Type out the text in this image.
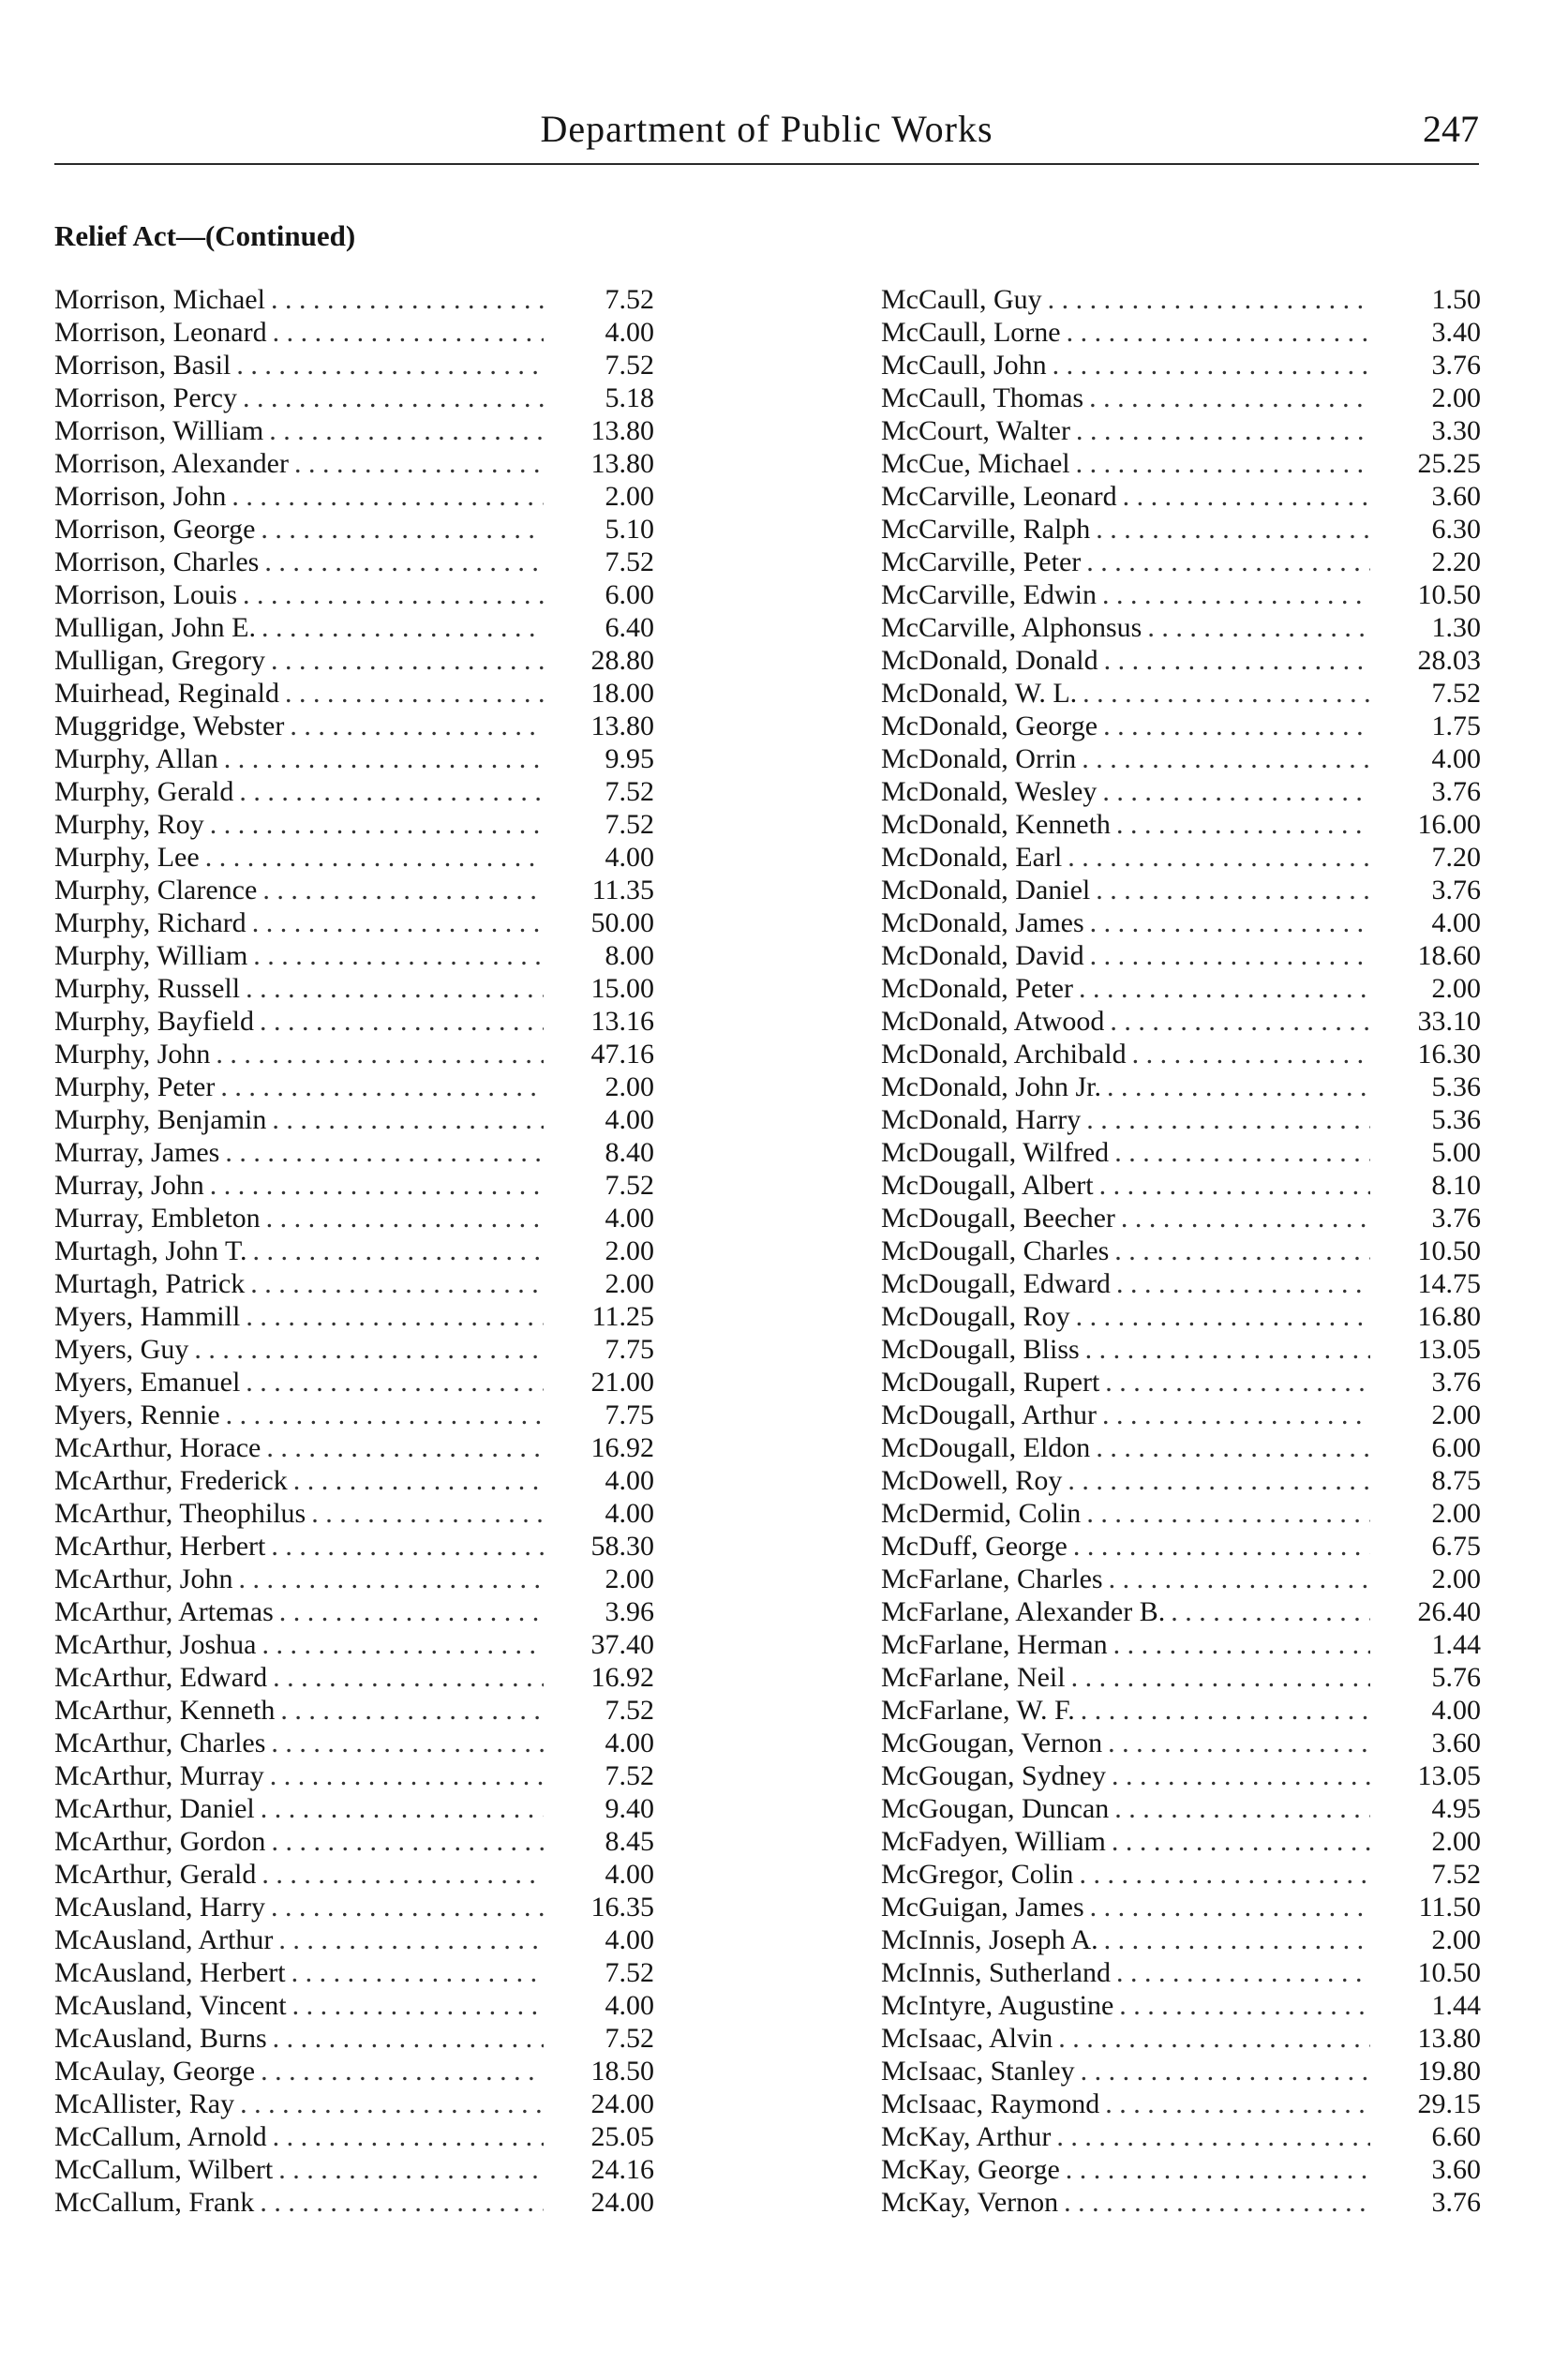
Department of Public Works	247
Relief Act—(Continued)
Morrison, Michael . . .	7.52
Morrison, Leonard . . .	4.00
Morrison, Basil . . .	7.52
Morrison, Percy . . .	5.18
Morrison, William . . .	13.80
Morrison, Alexander . . .	13.80
Morrison, John . . .	2.00
Morrison, George . . .	5.10
Morrison, Charles . . .	7.52
Morrison, Louis . . .	6.00
Mulligan, John E. . . .	6.40
Mulligan, Gregory . . .	28.80
Muirhead, Reginald . . .	18.00
Muggridge, Webster . . .	13.80
Murphy, Allan . . .	9.95
Murphy, Gerald . . .	7.52
Murphy, Roy . . .	7.52
Murphy, Lee . . .	4.00
Murphy, Clarence . . .	11.35
Murphy, Richard . . .	50.00
Murphy, William . . .	8.00
Murphy, Russell . . .	15.00
Murphy, Bayfield . . .	13.16
Murphy, John . . .	47.16
Murphy, Peter . . .	2.00
Murphy, Benjamin . . .	4.00
Murray, James . . .	8.40
Murray, John . . .	7.52
Murray, Embleton . . .	4.00
Murtagh, John T. . . .	2.00
Murtagh, Patrick . . .	2.00
Myers, Hammill . . .	11.25
Myers, Guy . . .	7.75
Myers, Emanuel . . .	21.00
Myers, Rennie . . .	7.75
McArthur, Horace . . .	16.92
McArthur, Frederick . . .	4.00
McArthur, Theophilus . . .	4.00
McArthur, Herbert . . .	58.30
McArthur, John . . .	2.00
McArthur, Artemas . . .	3.96
McArthur, Joshua . . .	37.40
McArthur, Edward . . .	16.92
McArthur, Kenneth . . .	7.52
McArthur, Charles . . .	4.00
McArthur, Murray . . .	7.52
McArthur, Daniel . . .	9.40
McArthur, Gordon . . .	8.45
McArthur, Gerald . . .	4.00
McAusland, Harry . . .	16.35
McAusland, Arthur . . .	4.00
McAusland, Herbert . . .	7.52
McAusland, Vincent . . .	4.00
McAusland, Burns . . .	7.52
McAulay, George . . .	18.50
McAllister, Ray . . .	24.00
McCallum, Arnold . . .	25.05
McCallum, Wilbert . . .	24.16
McCallum, Frank . . .	24.00
McCaull, Guy . . .	1.50
McCaull, Lorne . . .	3.40
McCaull, John . . .	3.76
McCaull, Thomas . . .	2.00
McCourt, Walter . . .	3.30
McCue, Michael . . .	25.25
McCarville, Leonard . . .	3.60
McCarville, Ralph . . .	6.30
McCarville, Peter . . .	2.20
McCarville, Edwin . . .	10.50
McCarville, Alphonsus . . .	1.30
McDonald, Donald . . .	28.03
McDonald, W. L. . . .	7.52
McDonald, George . . .	1.75
McDonald, Orrin . . .	4.00
McDonald, Wesley . . .	3.76
McDonald, Kenneth . . .	16.00
McDonald, Earl . . .	7.20
McDonald, Daniel . . .	3.76
McDonald, James . . .	4.00
McDonald, David . . .	18.60
McDonald, Peter . . .	2.00
McDonald, Atwood . . .	33.10
McDonald, Archibald . . .	16.30
McDonald, John Jr. . . .	5.36
McDonald, Harry . . .	5.36
McDougall, Wilfred . . .	5.00
McDougall, Albert . . .	8.10
McDougall, Beecher . . .	3.76
McDougall, Charles . . .	10.50
McDougall, Edward . . .	14.75
McDougall, Roy . . .	16.80
McDougall, Bliss . . .	13.05
McDougall, Rupert . . .	3.76
McDougall, Arthur . . .	2.00
McDougall, Eldon . . .	6.00
McDowell, Roy . . .	8.75
McDermid, Colin . . .	2.00
McDuff, George . . .	6.75
McFarlane, Charles . . .	2.00
McFarlane, Alexander B. . . .	26.40
McFarlane, Herman . . .	1.44
McFarlane, Neil . . .	5.76
McFarlane, W. F. . . .	4.00
McGougan, Vernon . . .	3.60
McGougan, Sydney . . .	13.05
McGougan, Duncan . . .	4.95
McFadyen, William . . .	2.00
McGregor, Colin . . .	7.52
McGuigan, James . . .	11.50
McInnis, Joseph A. . . .	2.00
McInnis, Sutherland . . .	10.50
McIntyre, Augustine . . .	1.44
McIsaac, Alvin . . .	13.80
McIsaac, Stanley . . .	19.80
McIsaac, Raymond . . .	29.15
McKay, Arthur . . .	6.60
McKay, George . . .	3.60
McKay, Vernon . . .	3.76
